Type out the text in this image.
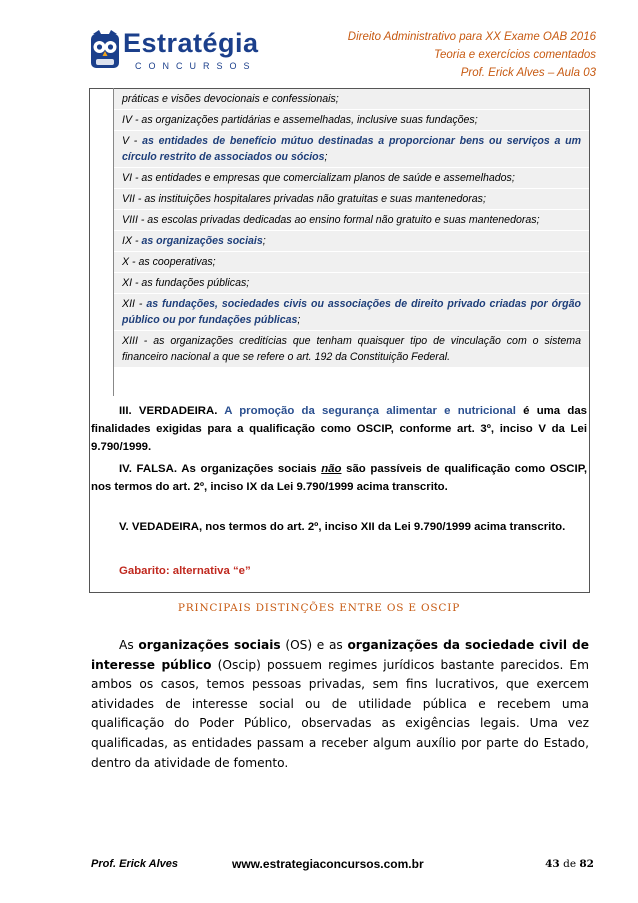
Estratégia
CONCURSOS
Direito Administrativo para XX Exame OAB 2016
Teoria e exercícios comentados
Prof. Erick Alves – Aula 03
práticas e visões devocionais e confessionais;
IV - as organizações partidárias e assemelhadas, inclusive suas fundações;
V - as entidades de benefício mútuo destinadas a proporcionar bens ou serviços a um círculo restrito de associados ou sócios;
VI - as entidades e empresas que comercializam planos de saúde e assemelhados;
VII - as instituições hospitalares privadas não gratuitas e suas mantenedoras;
VIII - as escolas privadas dedicadas ao ensino formal não gratuito e suas mantenedoras;
IX - as organizações sociais;
X - as cooperativas;
XI - as fundações públicas;
XII - as fundações, sociedades civis ou associações de direito privado criadas por órgão público ou por fundações públicas;
XIII - as organizações creditícias que tenham quaisquer tipo de vinculação com o sistema financeiro nacional a que se refere o art. 192 da Constituição Federal.
III. VERDADEIRA. A promoção da segurança alimentar e nutricional é uma das finalidades exigidas para a qualificação como OSCIP, conforme art. 3º, inciso V da Lei 9.790/1999.
IV. FALSA. As organizações sociais não são passíveis de qualificação como OSCIP, nos termos do art. 2º, inciso IX da Lei 9.790/1999 acima transcrito.
V. VEDADEIRA, nos termos do art. 2º, inciso XII da Lei 9.790/1999 acima transcrito.
Gabarito: alternativa “e”
PRINCIPAIS DISTINÇÕES ENTRE OS E OSCIP
As organizações sociais (OS) e as organizações da sociedade civil de interesse público (Oscip) possuem regimes jurídicos bastante parecidos. Em ambos os casos, temos pessoas privadas, sem fins lucrativos, que exercem atividades de interesse social ou de utilidade pública e recebem uma qualificação do Poder Público, observadas as exigências legais. Uma vez qualificadas, as entidades passam a receber algum auxílio por parte do Estado, dentro da atividade de fomento.
Prof. Erick Alves	www.estrategiaconcursos.com.br	43 de 82
